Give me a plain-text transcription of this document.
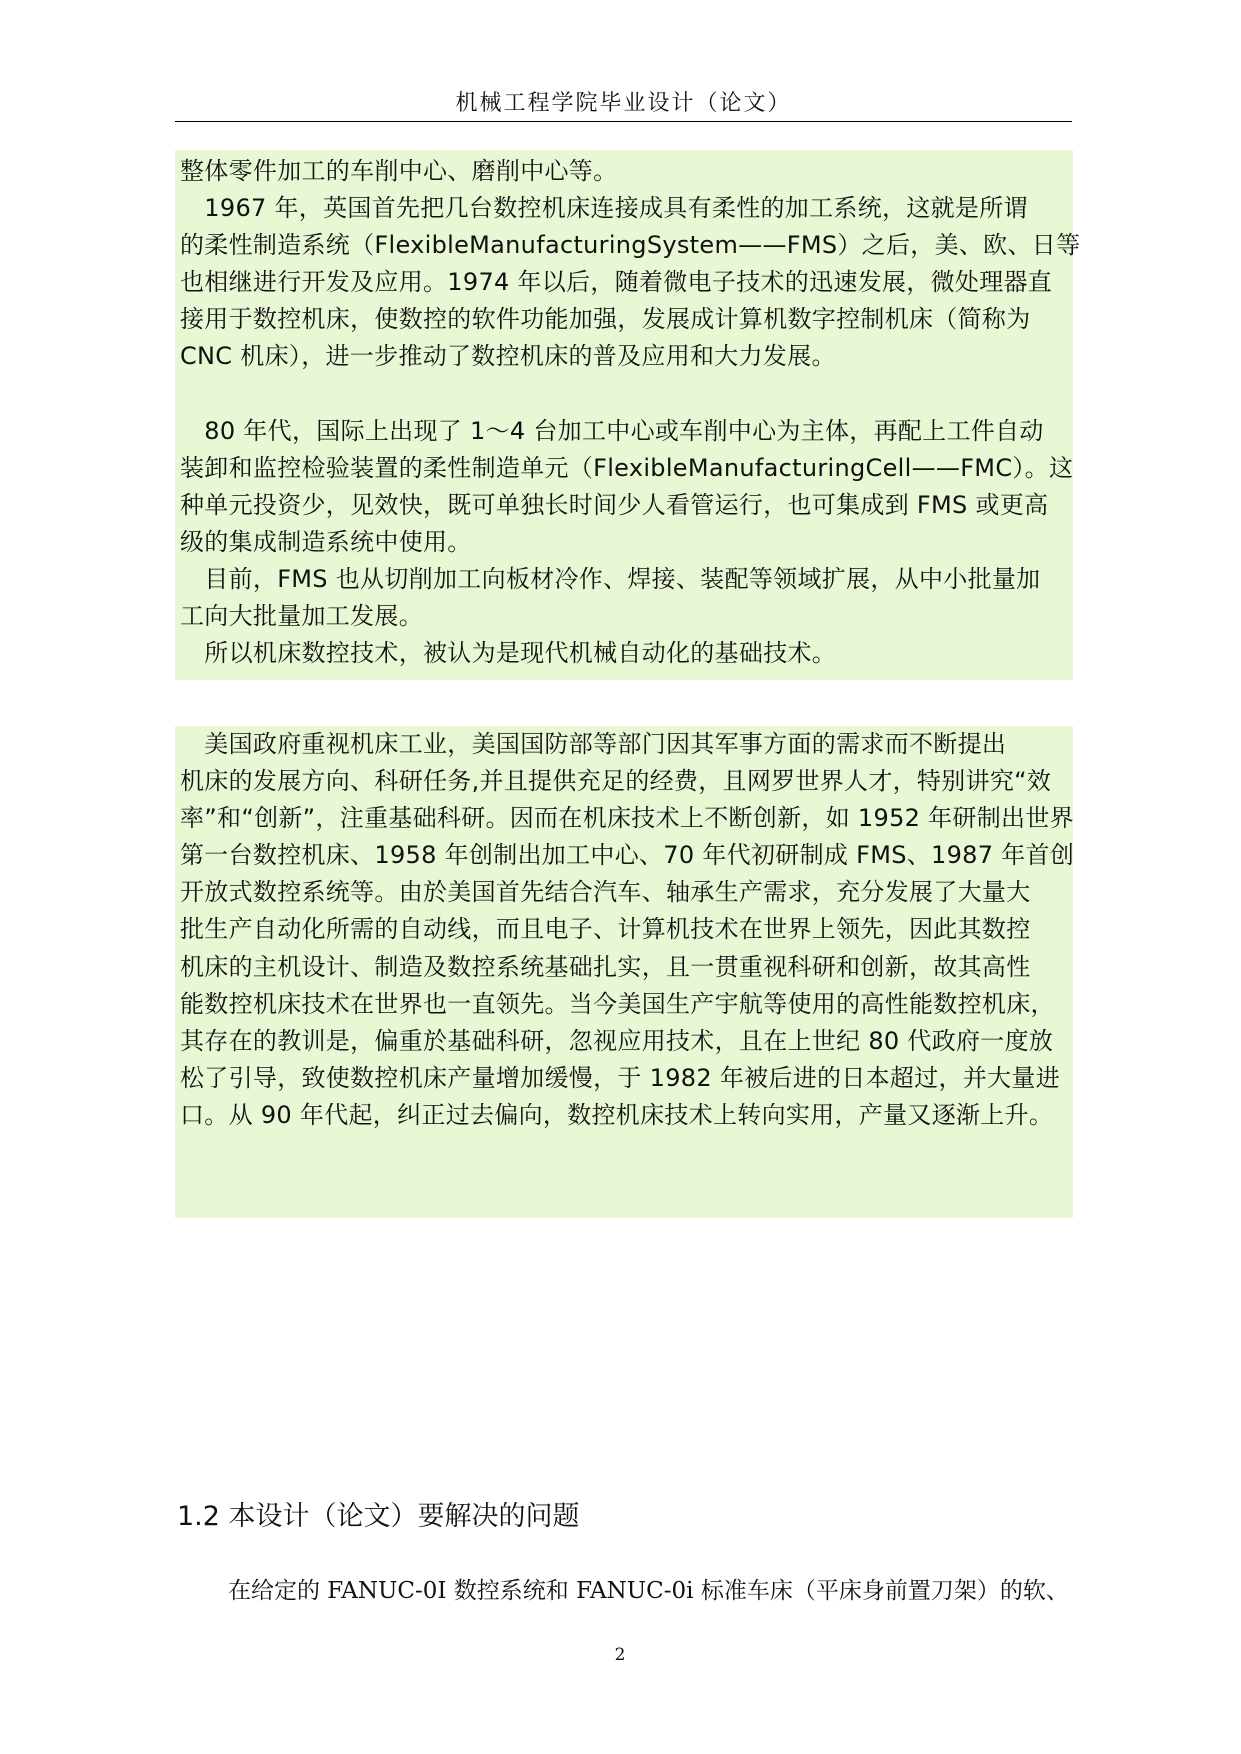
机械工程学院毕业设计（论文）
整体零件加工的车削中心、磨削中心等。
　1967 年，英国首先把几台数控机床连接成具有柔性的加工系统，这就是所谓
的柔性制造系统（FlexibleManufacturingSystem——FMS）之后，美、欧、日等
也相继进行开发及应用。1974 年以后，随着微电子技术的迅速发展，微处理器直
接用于数控机床，使数控的软件功能加强，发展成计算机数字控制机床（简称为
CNC 机床），进一步推动了数控机床的普及应用和大力发展。
　80 年代，国际上出现了 1～4 台加工中心或车削中心为主体，再配上工件自动
装卸和监控检验装置的柔性制造单元（FlexibleManufacturingCell——FMC）。这
种单元投资少，见效快，既可单独长时间少人看管运行，也可集成到 FMS 或更高
级的集成制造系统中使用。
　目前，FMS 也从切削加工向板材冷作、焊接、装配等领域扩展，从中小批量加
工向大批量加工发展。
　所以机床数控技术，被认为是现代机械自动化的基础技术。
　美国政府重视机床工业，美国国防部等部门因其军事方面的需求而不断提出
机床的发展方向、科研任务,并且提供充足的经费，且网罗世界人才，特别讲究“效
率”和“创新”，注重基础科研。因而在机床技术上不断创新，如 1952 年研制出世界
第一台数控机床、1958 年创制出加工中心、70 年代初研制成 FMS、1987 年首创
开放式数控系统等。由於美国首先结合汽车、轴承生产需求，充分发展了大量大
批生产自动化所需的自动线，而且电子、计算机技术在世界上领先，因此其数控
机床的主机设计、制造及数控系统基础扎实，且一贯重视科研和创新，故其高性
能数控机床技术在世界也一直领先。当今美国生产宇航等使用的高性能数控机床，
其存在的教训是，偏重於基础科研，忽视应用技术，且在上世纪 80 代政府一度放
松了引导，致使数控机床产量增加缓慢，于 1982 年被后进的日本超过，并大量进
口。从 90 年代起，纠正过去偏向，数控机床技术上转向实用，产量又逐渐上升。
1.2 本设计（论文）要解决的问题
在给定的 FANUC-0I 数控系统和 FANUC-0i 标准车床（平床身前置刀架）的软、
2
